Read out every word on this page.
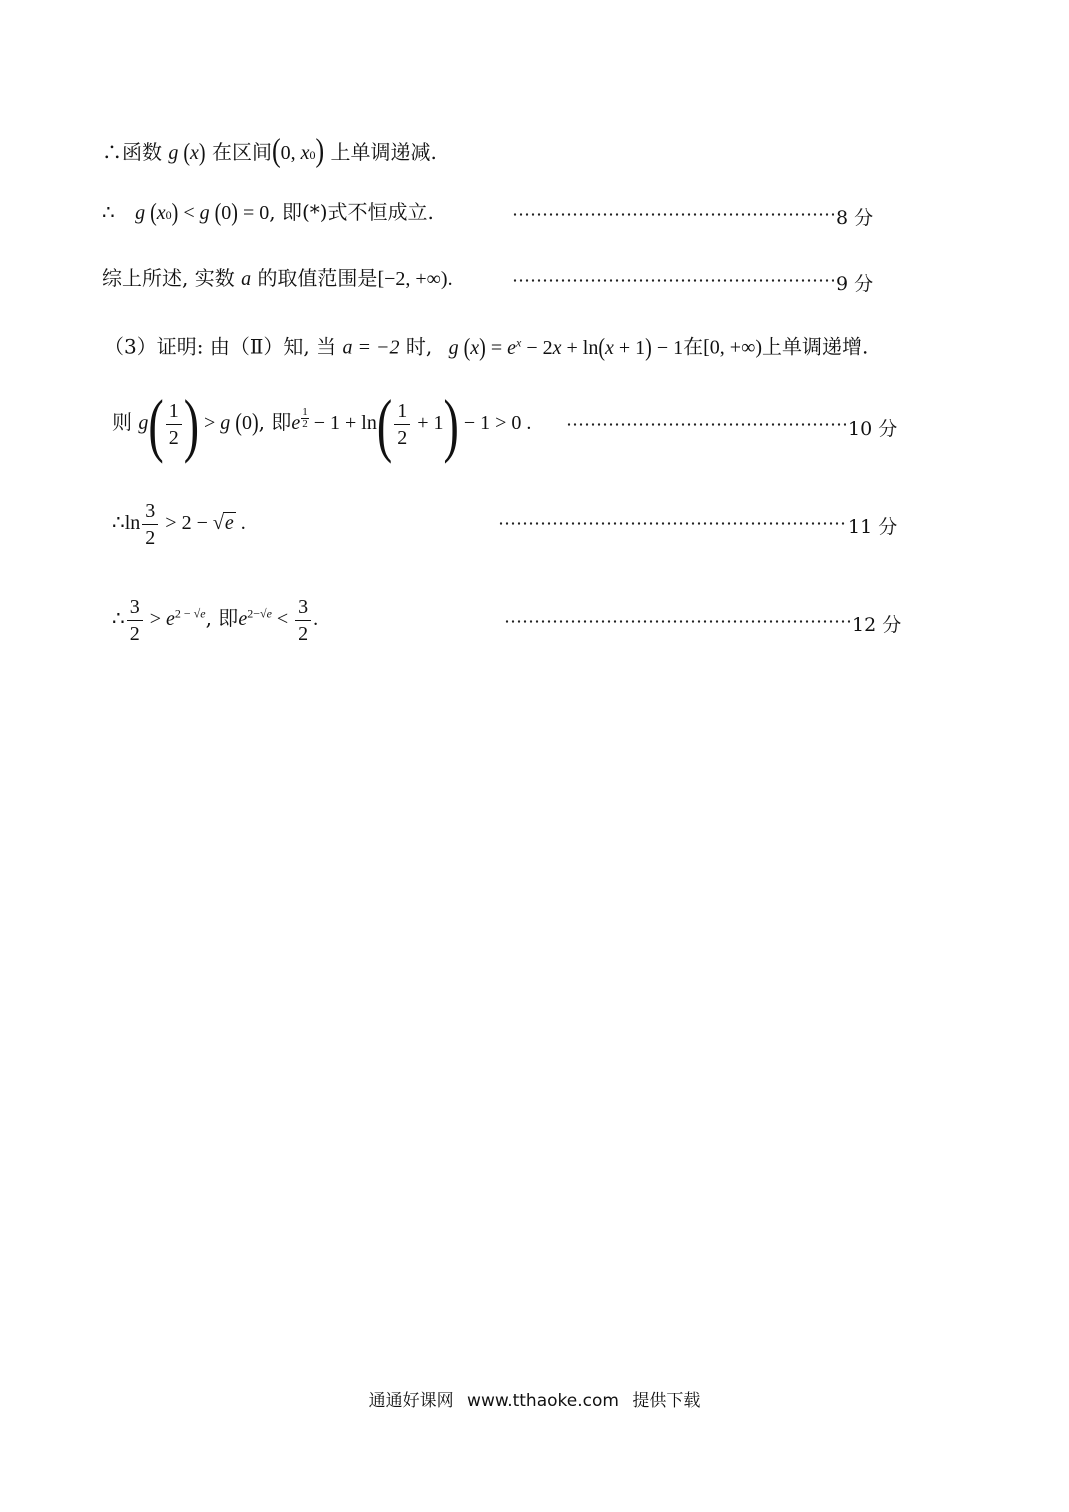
∴函数 g (x) 在区间(0, x0) 上单调递减.
∴ g (x0) < g (0) = 0, 即(*)式不恒成立.	8 分
综上所述, 实数 a 的取值范围是[−2, +∞).	9 分
（3）证明: 由（Ⅱ）知, 当 a = −2 时, g $(x) = e^x - 2x + \ln(x + 1) - 1$在[0, +∞)上单调递增.
则 $g( \frac{1}{2}$ ) > g (0), 即e $\frac{1}{2} - 1 + \ln( \frac{1}{2} + 1) - 1 > 0$ .	10 分
∴ln $\frac{3}{2} > 2 - √e$ .	11 分
∴ $\frac{3}{2} > e^{2 - √e}$, 即$e^{2-√e} < \frac{3}{2}$ .	12 分
通通好课网 www.tthaoke.com 提供下载
